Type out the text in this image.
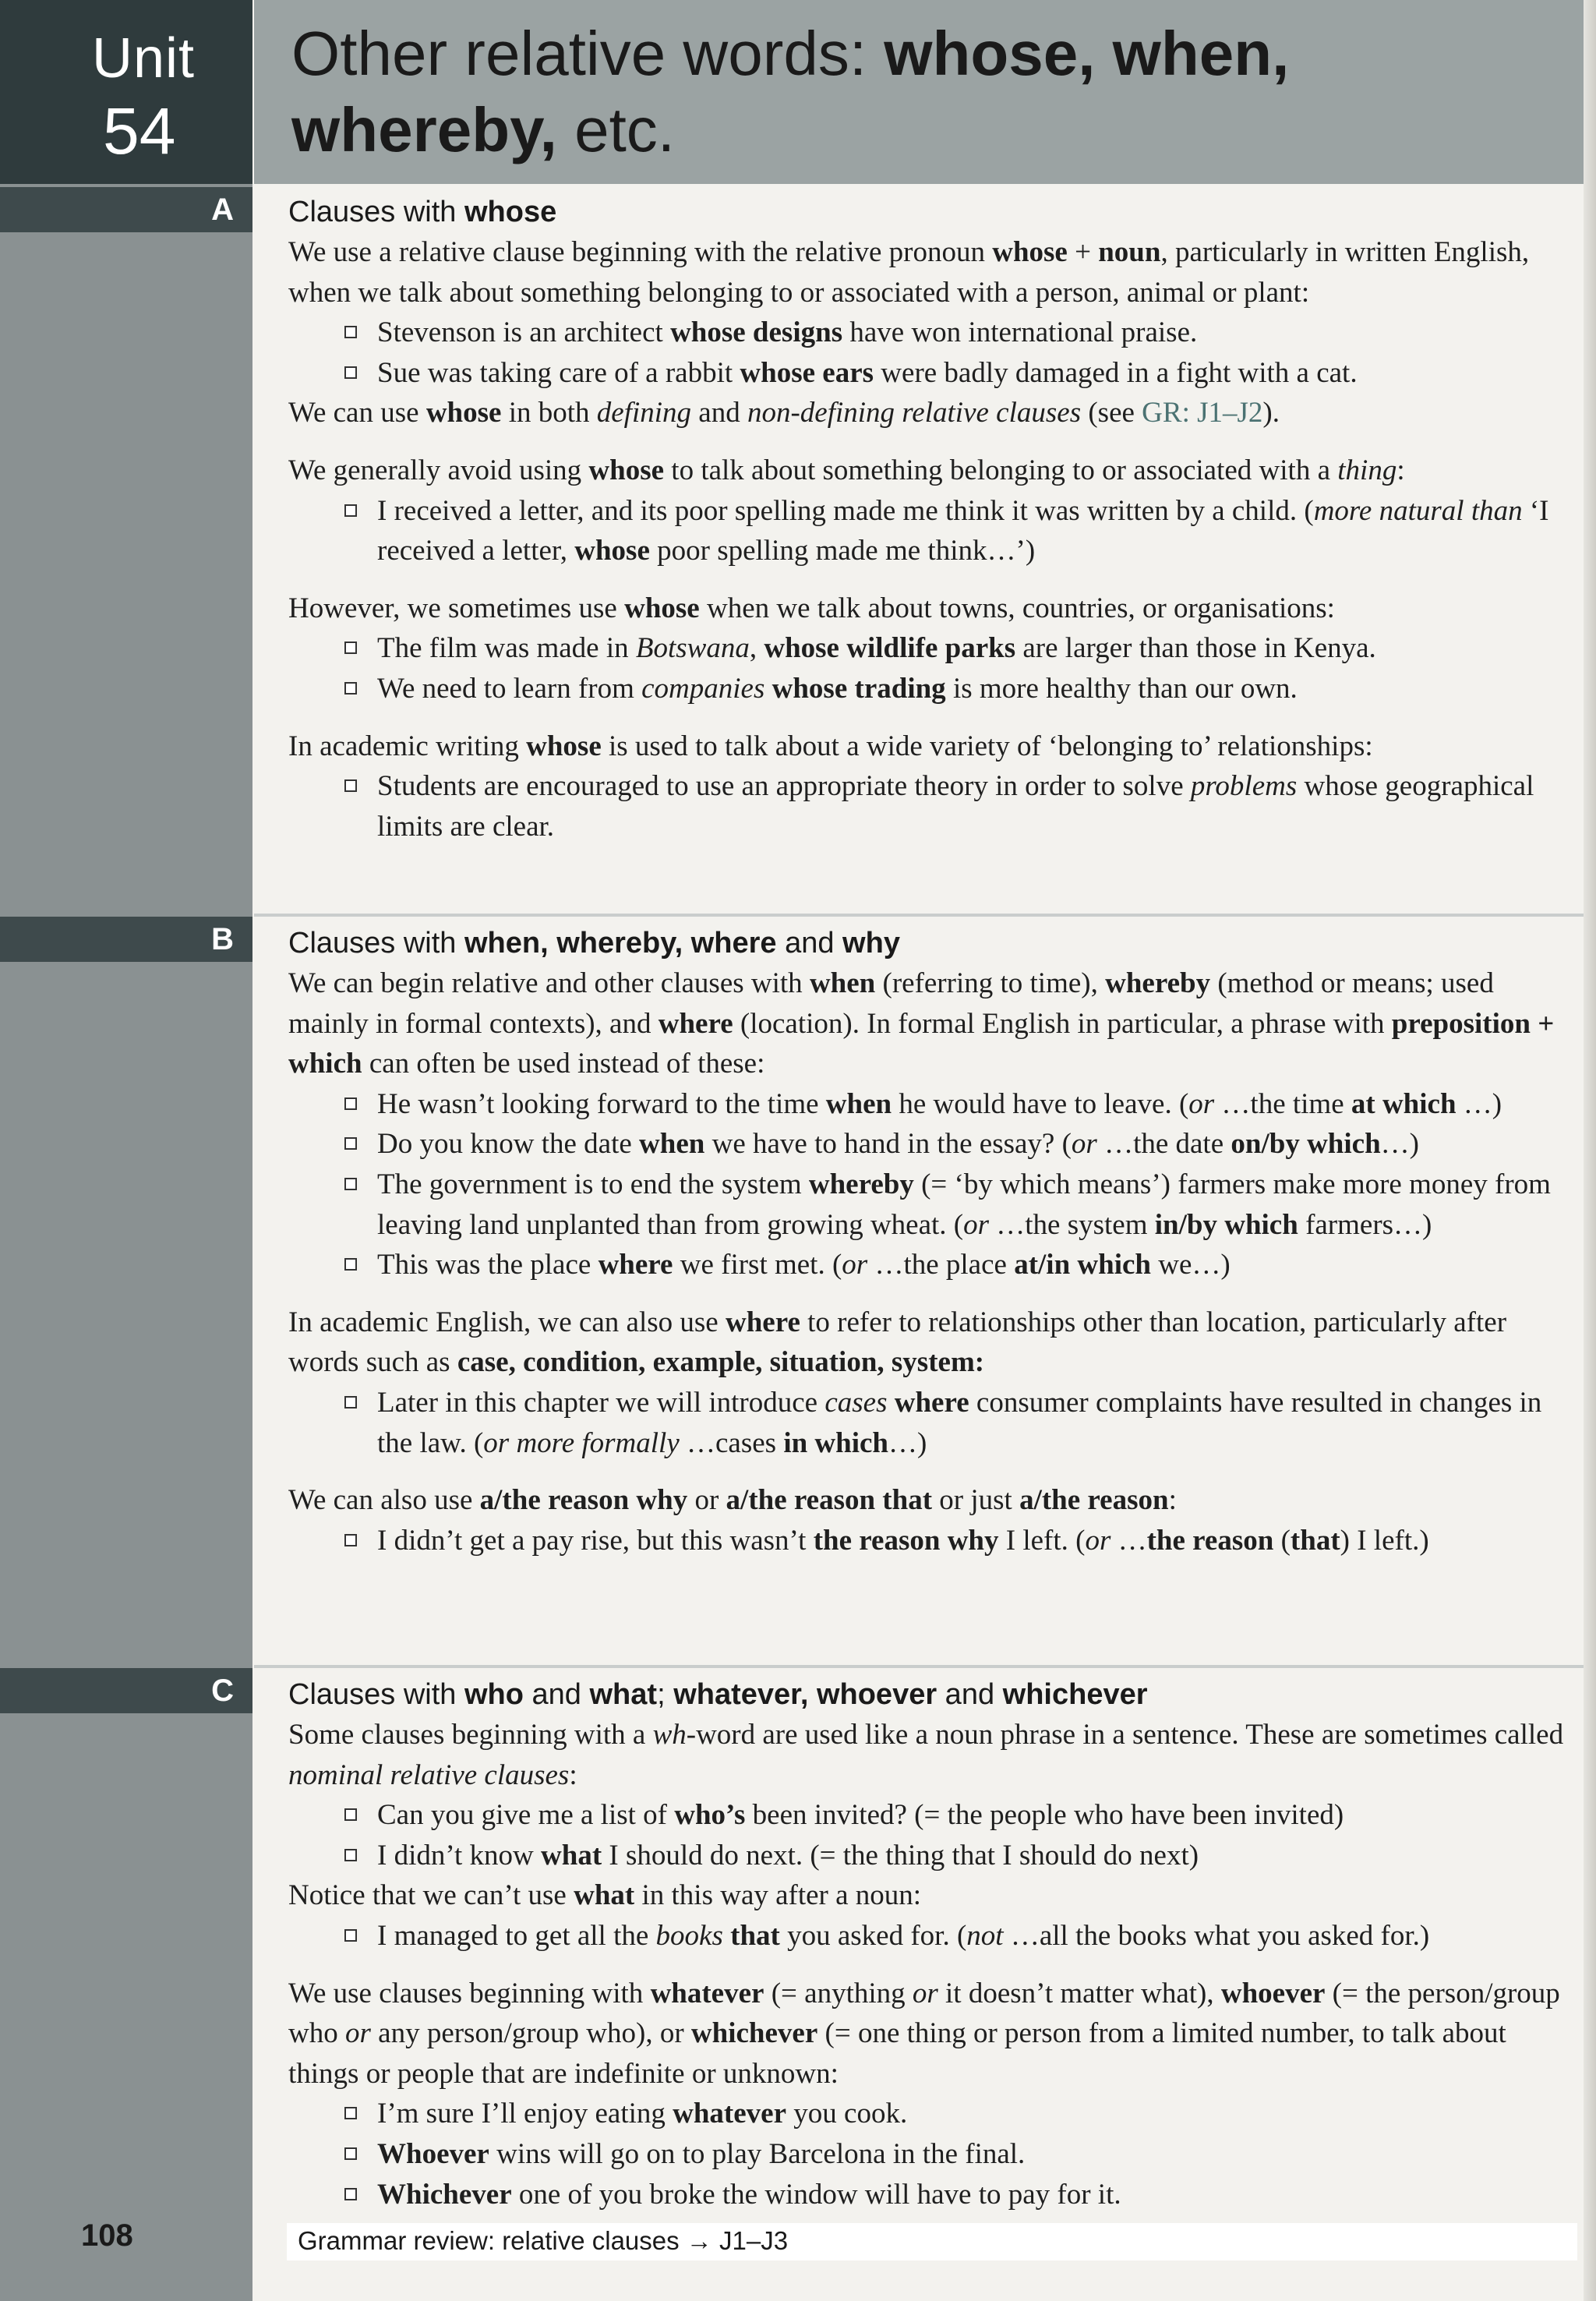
Unit
54
Other relative words: whose, when, whereby, etc.
A
B
C
Clauses with whose

We use a relative clause beginning with the relative pronoun whose + noun, particularly in written English, when we talk about something belonging to or associated with a person, animal or plant:

Stevenson is an architect whose designs have won international praise.

Sue was taking care of a rabbit whose ears were badly damaged in a fight with a cat.

We can use whose in both defining and non-defining relative clauses (see GR: J1–J2).

We generally avoid using whose to talk about something belonging to or associated with a thing:

I received a letter, and its poor spelling made me think it was written by a child. (more natural than ‘I received a letter, whose poor spelling made me think…’)

However, we sometimes use whose when we talk about towns, countries, or organisations:

The film was made in Botswana, whose wildlife parks are larger than those in Kenya.

We need to learn from companies whose trading is more healthy than our own.

In academic writing whose is used to talk about a wide variety of ‘belonging to’ relationships:

Students are encouraged to use an appropriate theory in order to solve problems whose geographical limits are clear.

Clauses with when, whereby, where and why

We can begin relative and other clauses with when (referring to time), whereby (method or means; used mainly in formal contexts), and where (location). In formal English in particular, a phrase with preposition + which can often be used instead of these:

He wasn’t looking forward to the time when he would have to leave. (or …the time at which …)

Do you know the date when we have to hand in the essay? (or …the date on/by which…)

The government is to end the system whereby (= ‘by which means’) farmers make more money from leaving land unplanted than from growing wheat. (or …the system in/by which farmers…)

This was the place where we first met. (or …the place at/in which we…)

In academic English, we can also use where to refer to relationships other than location, particularly after words such as case, condition, example, situation, system:

Later in this chapter we will introduce cases where consumer complaints have resulted in changes in the law. (or more formally …cases in which…)

We can also use a/the reason why or a/the reason that or just a/the reason:

I didn’t get a pay rise, but this wasn’t the reason why I left. (or …the reason (that) I left.)

Clauses with who and what; whatever, whoever and whichever

Some clauses beginning with a wh-word are used like a noun phrase in a sentence. These are sometimes called nominal relative clauses:

Can you give me a list of who’s been invited? (= the people who have been invited)

I didn’t know what I should do next. (= the thing that I should do next)

Notice that we can’t use what in this way after a noun:

I managed to get all the books that you asked for. (not …all the books what you asked for.)

We use clauses beginning with whatever (= anything or it doesn’t matter what), whoever (= the person/group who or any person/group who), or whichever (= one thing or person from a limited number, to talk about things or people that are indefinite or unknown:

I’m sure I’ll enjoy eating whatever you cook.

Whoever wins will go on to play Barcelona in the final.

Whichever one of you broke the window will have to pay for it.

108	Grammar review: relative clauses → J1–J3
